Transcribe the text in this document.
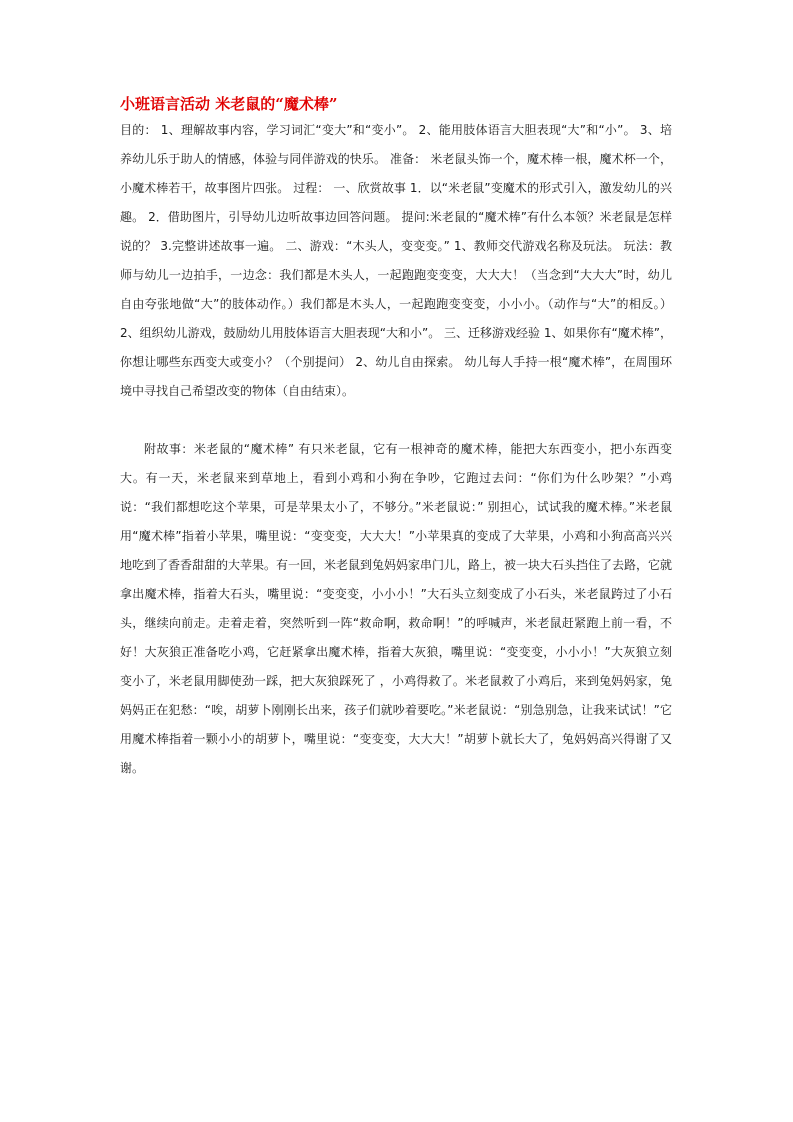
小班语言活动 米老鼠的“魔术棒”

目的： 1、理解故事内容，学习词汇“变大”和“变小”。 2、能用肢体语言大胆表现“大”和“小”。 3、培养幼儿乐于助人的情感，体验与同伴游戏的快乐。 准备： 米老鼠头饰一个，魔术棒一根，魔术杯一个， 小魔术棒若干，故事图片四张。 过程： 一、欣赏故事 1．以“米老鼠”变魔术的形式引入，激发幼儿的兴趣。 2．借助图片，引导幼儿边听故事边回答问题。 提问:米老鼠的“魔术棒”有什么本领？米老鼠是怎样说的？ 3.完整讲述故事一遍。 二、游戏：“木头人，变变变。” 1、教师交代游戏名称及玩法。 玩法：教师与幼儿一边拍手，一边念：我们都是木头人，一起跑跑变变变，大大大！（当念到“大大大”时，幼儿自由夸张地做“大”的肢体动作。）我们都是木头人，一起跑跑变变变，小小小。（动作与“大”的相反。） 2、组织幼儿游戏，鼓励幼儿用肢体语言大胆表现“大和小”。 三、迁移游戏经验 1、如果你有“魔术棒”，你想让哪些东西变大或变小？（个别提问） 2、幼儿自由探索。 幼儿每人手持一根“魔术棒”，在周围环境中寻找自己希望改变的物体（自由结束）。

附故事：米老鼠的“魔术棒” 有只米老鼠，它有一根神奇的魔术棒，能把大东西变小，把小东西变大。有一天，米老鼠来到草地上，看到小鸡和小狗在争吵，它跑过去问：“你们为什么吵架？”小鸡说：“我们都想吃这个苹果，可是苹果太小了，不够分。”米老鼠说：” 别担心，试试我的魔术棒。”米老鼠用“魔术棒”指着小苹果，嘴里说：“变变变，大大大！”小苹果真的变成了大苹果，小鸡和小狗高高兴兴地吃到了香香甜甜的大苹果。有一回，米老鼠到兔妈妈家串门儿，路上，被一块大石头挡住了去路，它就拿出魔术棒，指着大石头，嘴里说：“变变变，小小小！”大石头立刻变成了小石头，米老鼠跨过了小石头，继续向前走。走着走着，突然听到一阵“救命啊，救命啊！”的呼喊声，米老鼠赶紧跑上前一看，不好！大灰狼正准备吃小鸡，它赶紧拿出魔术棒，指着大灰狼，嘴里说：“变变变，小小小！”大灰狼立刻变小了，米老鼠用脚使劲一踩，把大灰狼踩死了 ，小鸡得救了。米老鼠救了小鸡后，来到兔妈妈家，兔妈妈正在犯愁：“唉，胡萝卜刚刚长出来，孩子们就吵着要吃。”米老鼠说：“别急别急，让我来试试！”它用魔术棒指着一颗小小的胡萝卜，嘴里说：“变变变，大大大！”胡萝卜就长大了，兔妈妈高兴得谢了又谢。
